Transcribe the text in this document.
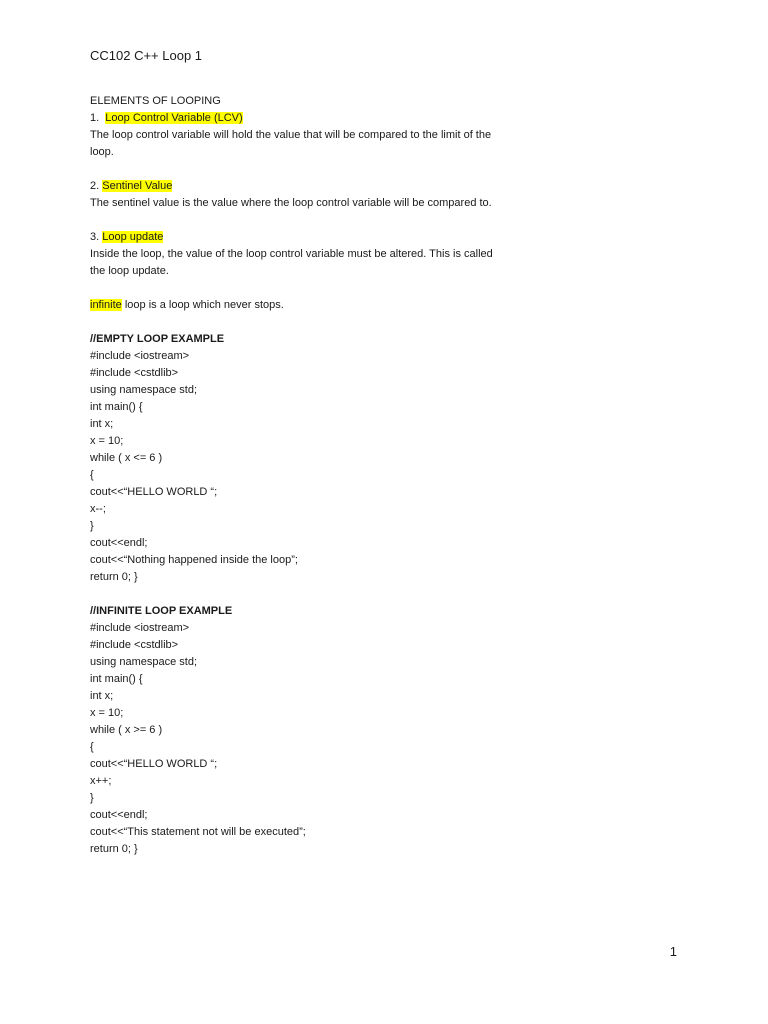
CC102 C++ Loop 1

ELEMENTS OF LOOPING

1.  Loop Control Variable (LCV)

The loop control variable will hold the value that will be compared to the limit of the

loop.

2. Sentinel Value

The sentinel value is the value where the loop control variable will be compared to.

3. Loop update

Inside the loop, the value of the loop control variable must be altered. This is called

the loop update.

infinite loop is a loop which never stops.

//EMPTY LOOP EXAMPLE

#include <iostream>

#include <cstdlib>

using namespace std;

int main() {

int x;

x = 10;

while ( x <= 6 )

{

cout<<“HELLO WORLD “;

x--;

}

cout<<endl;

cout<<“Nothing happened inside the loop”;

return 0; }

//INFINITE LOOP EXAMPLE

#include <iostream>

#include <cstdlib>

using namespace std;

int main() {

int x;

x = 10;

while ( x >= 6 )

{

cout<<“HELLO WORLD “;

x++;

}

cout<<endl;

cout<<“This statement not will be executed”;

return 0; }

1
